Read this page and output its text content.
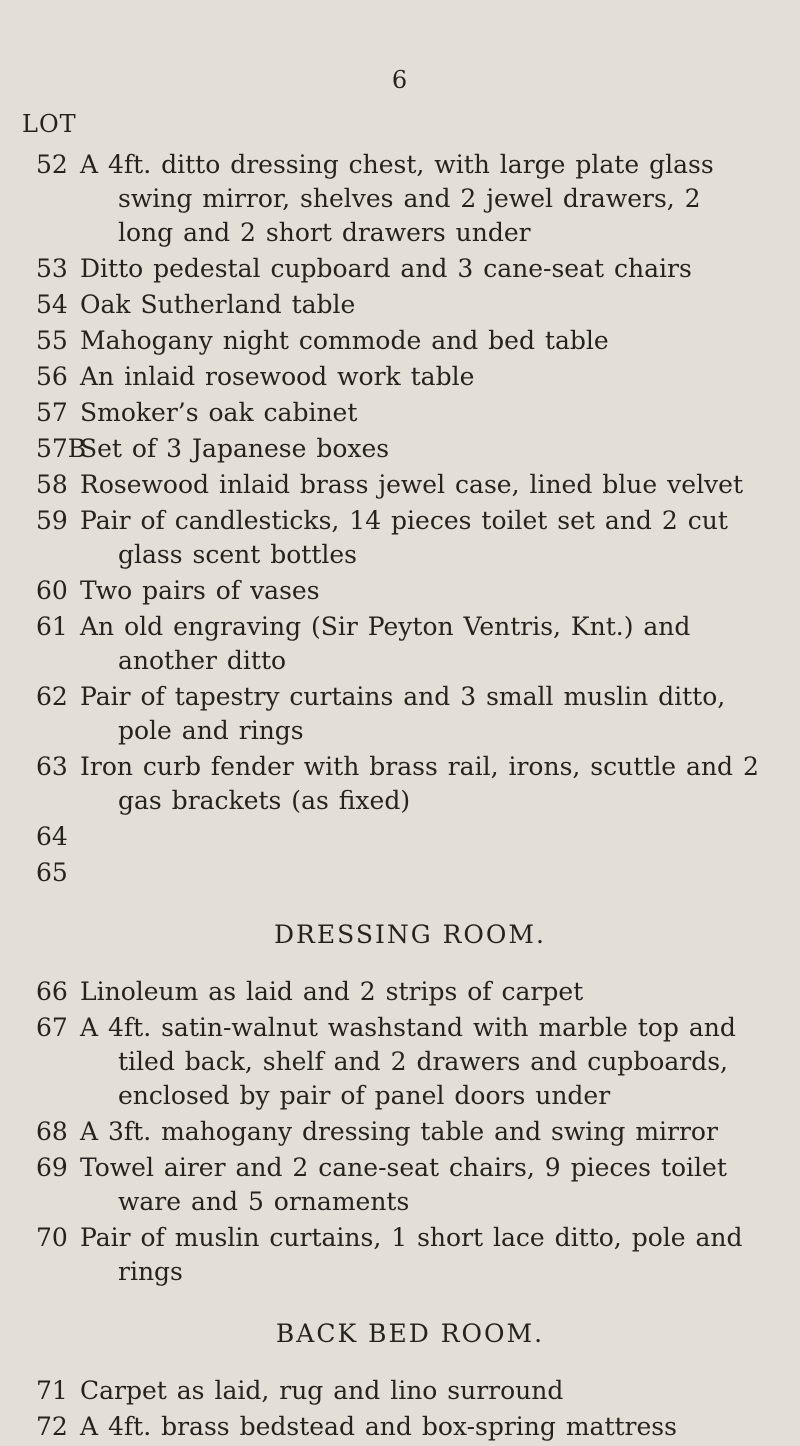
6
LOT
52 A 4ft. ditto dressing chest, with large plate glass swing mirror, shelves and 2 jewel drawers, 2 long and 2 short drawers under
53 Ditto pedestal cupboard and 3 cane-seat chairs
54 Oak Sutherland table
55 Mahogany night commode and bed table
56 An inlaid rosewood work table
57 Smoker’s oak cabinet
57B
Set of 3 Japanese boxes
58 Rosewood inlaid brass jewel case, lined blue velvet
59 Pair of candlesticks, 14 pieces toilet set and 2 cut glass scent bottles
60 Two pairs of vases
61 An old engraving (Sir Peyton Ventris, Knt.) and another ditto
62 Pair of tapestry curtains and 3 small muslin ditto, pole and rings
63 Iron curb fender with brass rail, irons, scuttle and 2 gas brackets (as fixed)
64
65
DRESSING ROOM.
66 Linoleum as laid and 2 strips of carpet
67 A 4ft. satin-walnut washstand with marble top and tiled back, shelf and 2 drawers and cupboards, enclosed by pair of panel doors under
68 A 3ft. mahogany dressing table and swing mirror
69 Towel airer and 2 cane-seat chairs, 9 pieces toilet ware and 5 ornaments
70 Pair of muslin curtains, 1 short lace ditto, pole and rings
BACK BED ROOM.
71 Carpet as laid, rug and lino surround
72 A 4ft. brass bedstead and box-spring mattress
